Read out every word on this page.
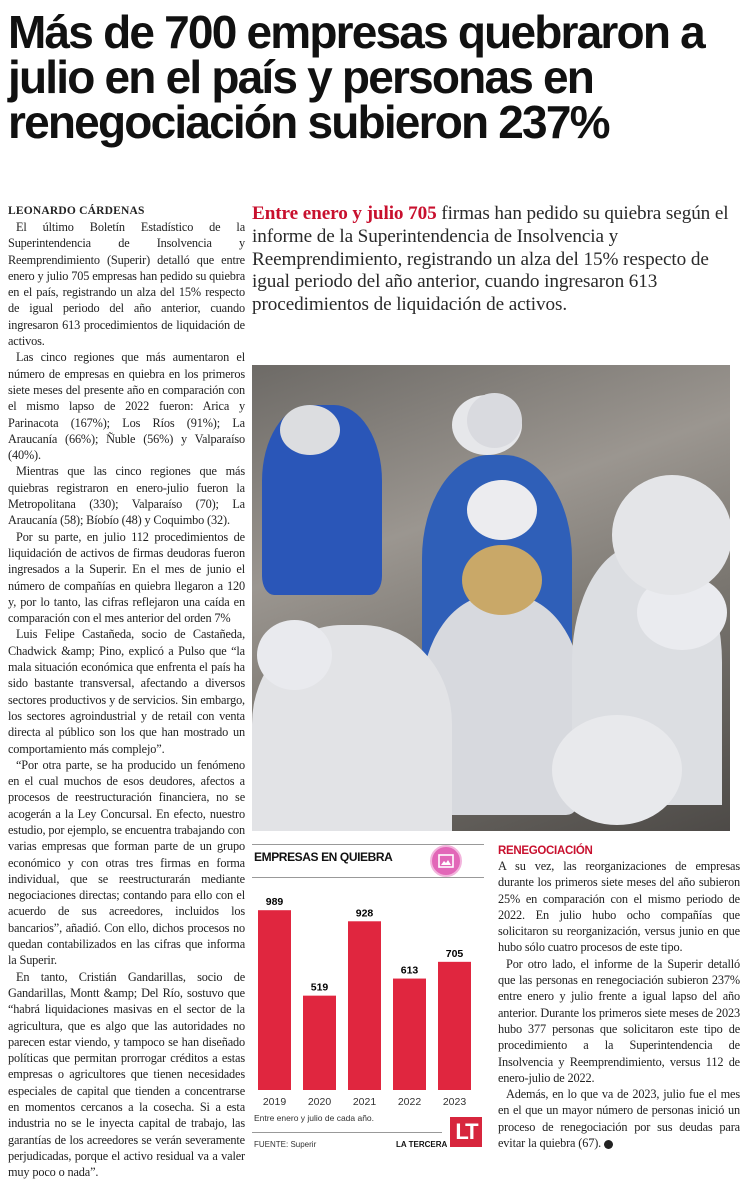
Más de 700 empresas quebraron a julio en el país y personas en renegociación subieron 237%
LEONARDO CÁRDENAS

El último Boletín Estadístico de la Superintendencia de Insolvencia y Reemprendimiento (Superir) detalló que entre enero y julio 705 empresas han pedido su quiebra en el país, registrando un alza del 15% respecto de igual periodo del año anterior, cuando ingresaron 613 procedimientos de liquidación de activos.

Las cinco regiones que más aumentaron el número de empresas en quiebra en los primeros siete meses del presente año en comparación con el mismo lapso de 2022 fueron: Arica y Parinacota (167%); Los Ríos (91%); La Araucanía (66%); Ñuble (56%) y Valparaíso (40%).

Mientras que las cinco regiones que más quiebras registraron en enero-julio fueron la Metropolitana (330); Valparaíso (70); La Araucanía (58); Bíobío (48) y Coquimbo (32).

Por su parte, en julio 112 procedimientos de liquidación de activos de firmas deudoras fueron ingresados a la Superir. En el mes de junio el número de compañías en quiebra llegaron a 120 y, por lo tanto, las cifras reflejaron una caída en comparación con el mes anterior del orden 7%

Luis Felipe Castañeda, socio de Castañeda, Chadwick &amp; Pino, explicó a Pulso que “la mala situación económica que enfrenta el país ha sido bastante transversal, afectando a diversos sectores productivos y de servicios. Sin embargo, los sectores agroindustrial y de retail con venta directa al público son los que han mostrado un comportamiento más complejo”.

“Por otra parte, se ha producido un fenómeno en el cual muchos de esos deudores, afectos a procesos de reestructuración financiera, no se acogerán a la Ley Concursal. En efecto, nuestro estudio, por ejemplo, se encuentra trabajando con varias empresas que forman parte de un grupo económico y con otras tres firmas en forma individual, que se reestructurarán mediante negociaciones directas; contando para ello con el acuerdo de sus acreedores, incluidos los bancarios”, añadió. Con ello, dichos procesos no quedan contabilizados en las cifras que informa la Superir.

En tanto, Cristián Gandarillas, socio de Gandarillas, Montt &amp; Del Río, sostuvo que “habrá liquidaciones masivas en el sector de la agricultura, que es algo que las autoridades no parecen estar viendo, y tampoco se han diseñado políticas que permitan prorrogar créditos a estas empresas o agricultores que tienen necesidades especiales de capital que tienden a concentrarse en momentos cercanos a la cosecha. Si a esta industria no se le inyecta capital de trabajo, las garantías de los acreedores se verán severamente perjudicadas, porque el activo residual va a valer muy poco o nada”.

Entre enero y julio 705 firmas han pedido su quiebra según el informe de la Superintendencia de Insolvencia y Reemprendimiento, registrando un alza del 15% respecto de igual periodo del año anterior, cuando ingresaron 613 procedimientos de liquidación de activos.
EMPRESAS EN QUIEBRA
989
2019
519
2020
928
2021
613
2022
705
2023
Entre enero y julio de cada año.
FUENTE: Superir	LA TERCERA
LT
RENEGOCIACIÓN

A su vez, las reorganizaciones de empresas durante los primeros siete meses del año subieron 25% en comparación con el mismo periodo de 2022. En julio hubo ocho compañías que solicitaron su reorganización, versus junio en que hubo sólo cuatro procesos de este tipo.

Por otro lado, el informe de la Superir detalló que las personas en renegociación subieron 237% entre enero y julio frente a igual lapso del año anterior. Durante los primeros siete meses de 2023 hubo 377 personas que solicitaron este tipo de procedimiento a la Superintendencia de Insolvencia y Reemprendimiento, versus 112 de enero-julio de 2022.

Además, en lo que va de 2023, julio fue el mes en el que un mayor número de personas inició un proceso de renegociación por sus deudas para evitar la quiebra (67).
